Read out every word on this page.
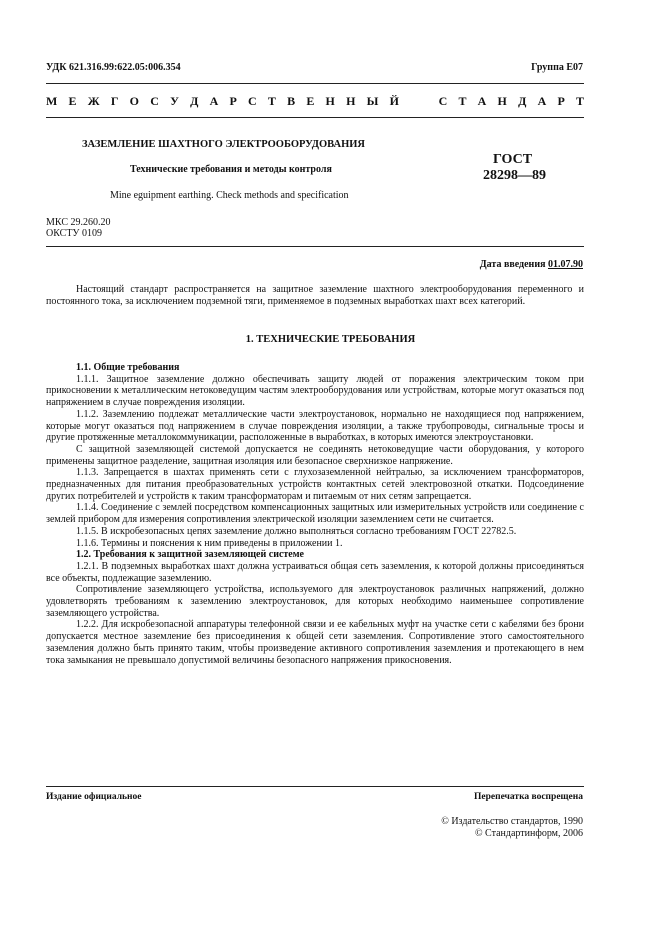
УДК 621.316.99:622.05:006.354	Группа Е07
М Е Ж Г О С У Д А Р С Т В Е Н Н Ы Й     С Т А Н Д А Р Т
ЗАЗЕМЛЕНИЕ ШАХТНОГО ЭЛЕКТРООБОРУДОВАНИЯ
Технические требования и методы контроля
Mine eguipment earthing. Check methods and specification
ГОСТ
28298—89
МКС 29.260.20
ОКСТУ 0109
Дата введения 01.07.90

Настоящий стандарт распространяется на защитное заземление шахтного электрооборудования переменного и постоянного тока, за исключением подземной тяги, применяемое в подземных выработках шахт всех категорий.

1. ТЕХНИЧЕСКИЕ ТРЕБОВАНИЯ

1.1. Общие требования

1.1.1. Защитное заземление должно обеспечивать защиту людей от поражения электрическим током при прикосновении к металлическим нетоковедущим частям электрооборудования или устройствам, которые могут оказаться под напряжением в случае повреждения изоляции.

1.1.2. Заземлению подлежат металлические части электроустановок, нормально не находящиеся под напряжением, которые могут оказаться под напряжением в случае повреждения изоляции, а также трубопроводы, сигнальные тросы и другие протяженные металлокоммуникации, расположенные в выработках, в которых имеются электроустановки.

С защитной заземляющей системой допускается не соединять нетоковедущие части оборудования, у которого применены защитное разделение, защитная изоляция или безопасное сверхнизкое напряжение.

1.1.3. Запрещается в шахтах применять сети с глухозаземленной нейтралью, за исключением трансформаторов, предназначенных для питания преобразовательных устройств контактных сетей электровозной откатки. Подсоединение других потребителей и устройств к таким трансформаторам и питаемым от них сетям запрещается.

1.1.4. Соединение с землей посредством компенсационных защитных или измерительных устройств или соединение с землей прибором для измерения сопротивления электрической изоляции заземлением сети не считается.

1.1.5. В искробезопасных цепях заземление должно выполняться согласно требованиям ГОСТ 22782.5.

1.1.6. Термины и пояснения к ним приведены в приложении 1.

1.2. Требования к защитной заземляющей системе

1.2.1. В подземных выработках шахт должна устраиваться общая сеть заземления, к которой должны присоединяться все объекты, подлежащие заземлению.

Сопротивление заземляющего устройства, используемого для электроустановок различных напряжений, должно удовлетворять требованиям к заземлению электроустановок, для которых необходимо наименьшее сопротивление заземляющего устройства.

1.2.2. Для искробезопасной аппаратуры телефонной связи и ее кабельных муфт на участке сети с кабелями без брони допускается местное заземление без присоединения к общей сети заземления. Сопротивление этого самостоятельного заземления должно быть принято таким, чтобы произведение активного сопротивления заземления и протекающего в нем тока замыкания не превышало допустимой величины безопасного напряжения прикосновения.

Издание официальное	Перепечатка воспрещена
© Издательство стандартов, 1990
© Стандартинформ, 2006
